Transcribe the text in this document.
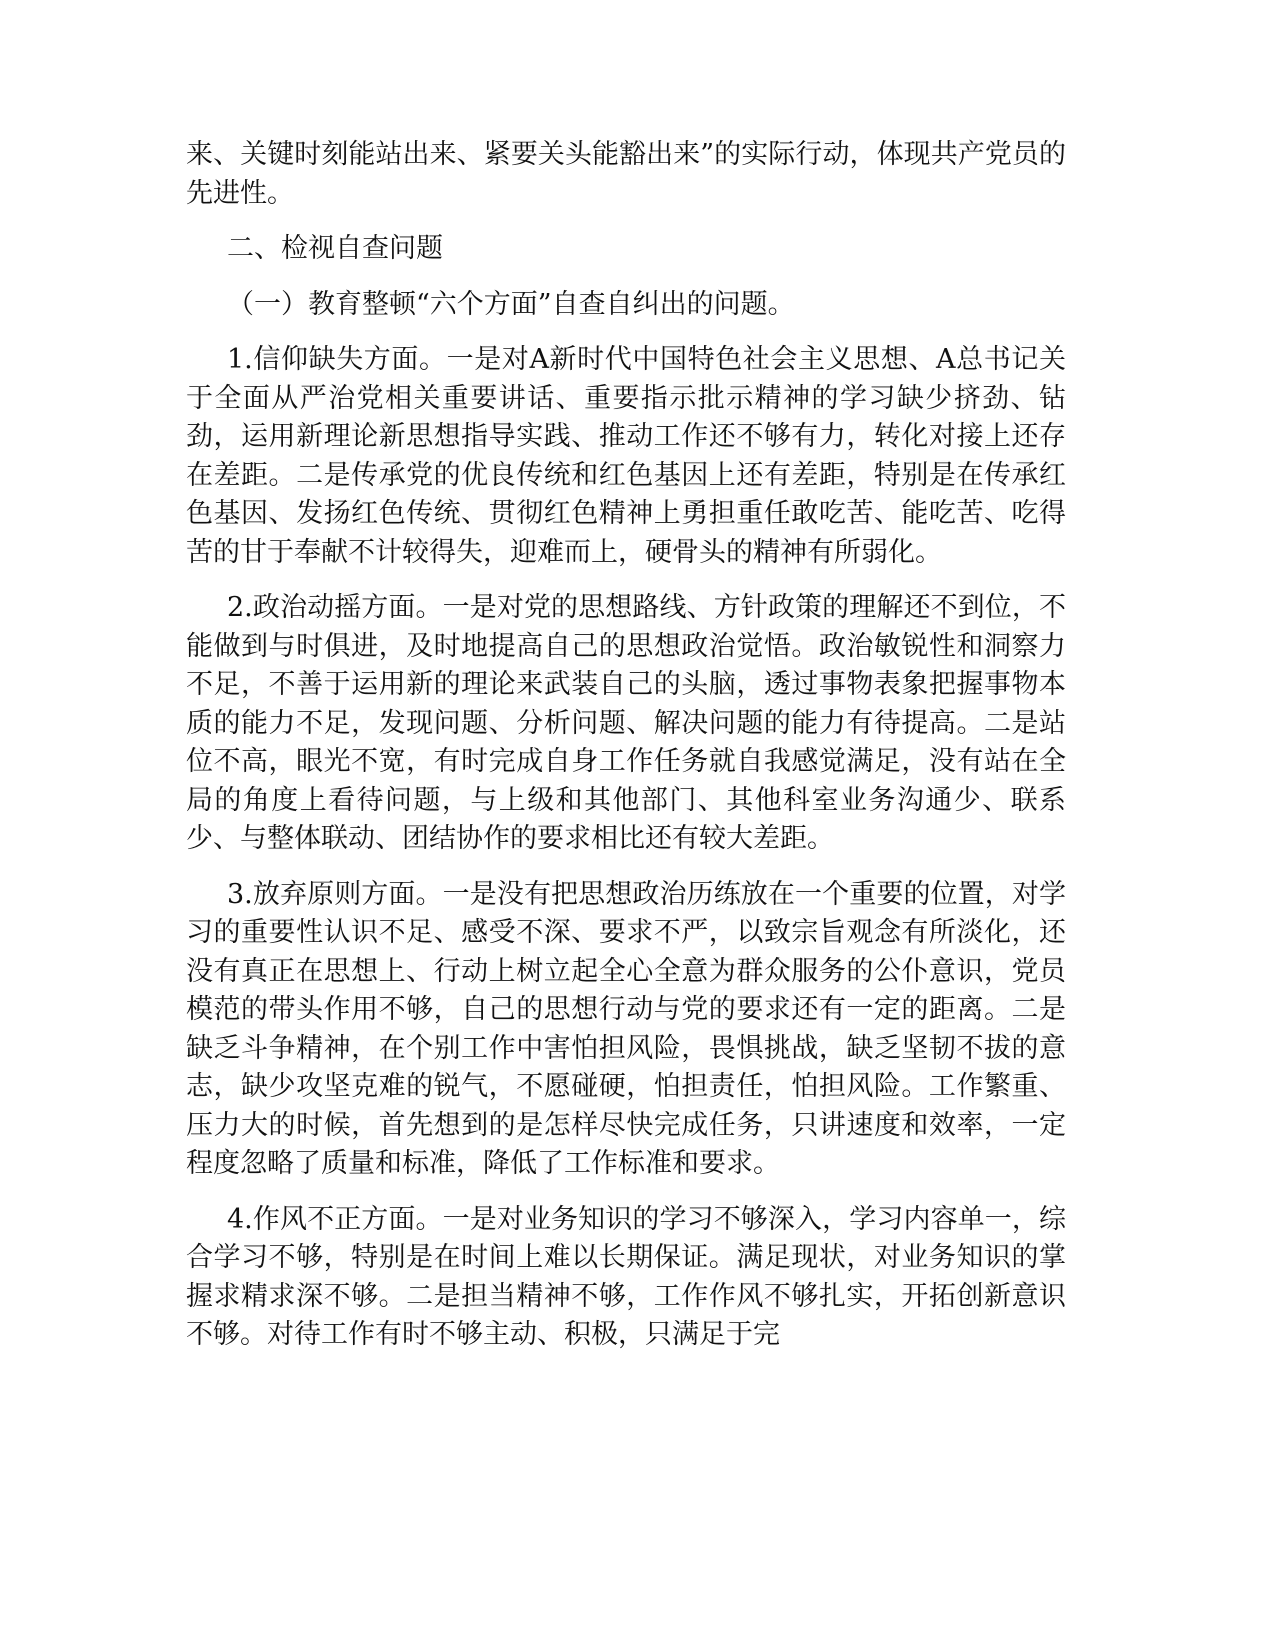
来、关键时刻能站出来、紧要关头能豁出来”的实际行动，体现共产党员的先进性。

二、检视自查问题

（一）教育整顿“六个方面”自查自纠出的问题。

1.信仰缺失方面。一是对A新时代中国特色社会主义思想、A总书记关于全面从严治党相关重要讲话、重要指示批示精神的学习缺少挤劲、钻劲，运用新理论新思想指导实践、推动工作还不够有力，转化对接上还存在差距。二是传承党的优良传统和红色基因上还有差距，特别是在传承红色基因、发扬红色传统、贯彻红色精神上勇担重任敢吃苦、能吃苦、吃得苦的甘于奉献不计较得失，迎难而上，硬骨头的精神有所弱化。

2.政治动摇方面。一是对党的思想路线、方针政策的理解还不到位，不能做到与时俱进，及时地提高自己的思想政治觉悟。政治敏锐性和洞察力不足，不善于运用新的理论来武装自己的头脑，透过事物表象把握事物本质的能力不足，发现问题、分析问题、解决问题的能力有待提高。二是站位不高，眼光不宽，有时完成自身工作任务就自我感觉满足，没有站在全局的角度上看待问题，与上级和其他部门、其他科室业务沟通少、联系少、与整体联动、团结协作的要求相比还有较大差距。

3.放弃原则方面。一是没有把思想政治历练放在一个重要的位置，对学习的重要性认识不足、感受不深、要求不严，以致宗旨观念有所淡化，还没有真正在思想上、行动上树立起全心全意为群众服务的公仆意识，党员模范的带头作用不够，自己的思想行动与党的要求还有一定的距离。二是缺乏斗争精神，在个别工作中害怕担风险，畏惧挑战，缺乏坚韧不拔的意志，缺少攻坚克难的锐气，不愿碰硬，怕担责任，怕担风险。工作繁重、压力大的时候，首先想到的是怎样尽快完成任务，只讲速度和效率，一定程度忽略了质量和标准，降低了工作标准和要求。

4.作风不正方面。一是对业务知识的学习不够深入，学习内容单一，综合学习不够，特别是在时间上难以长期保证。满足现状，对业务知识的掌握求精求深不够。二是担当精神不够，工作作风不够扎实，开拓创新意识不够。对待工作有时不够主动、积极，只满足于完
